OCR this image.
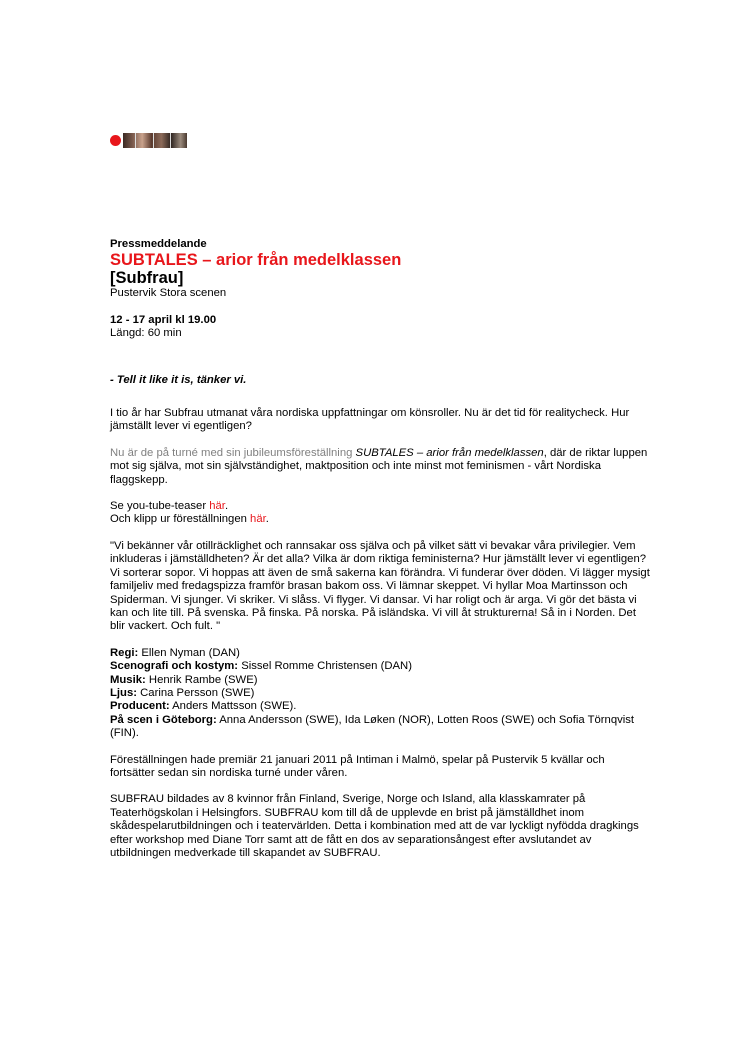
Pressmeddelande

SUBTALES – arior från medelklassen

[Subfrau]

Pustervik Stora scenen

12 - 17 april kl 19.00

Längd: 60 min

- Tell it like it is, tänker vi.

I tio år har Subfrau utmanat våra nordiska uppfattningar om könsroller. Nu är det tid för realitycheck. Hur jämställt lever vi egentligen?

Nu är de på turné med sin jubileumsföreställning SUBTALES – arior från medelklassen, där de riktar luppen mot sig själva, mot sin självständighet, maktposition och inte minst mot feminismen - vårt Nordiska flaggskepp.

Se you-tube-teaser här.

Och klipp ur föreställningen här.

"Vi bekänner vår otillräcklighet och rannsakar oss själva och på vilket sätt vi bevakar våra privilegier. Vem inkluderas i jämställdheten? Är det alla? Vilka är dom riktiga feministerna? Hur jämställt lever vi egentligen? Vi sorterar sopor. Vi hoppas att även de små sakerna kan förändra. Vi funderar över döden. Vi lägger mysigt familjeliv med fredagspizza framför brasan bakom oss. Vi lämnar skeppet. Vi hyllar Moa Martinsson och Spiderman. Vi sjunger. Vi skriker. Vi slåss. Vi flyger. Vi dansar. Vi har roligt och är arga. Vi gör det bästa vi kan och lite till. På svenska. På finska. På norska. På isländska. Vi vill åt strukturerna! Så in i Norden. Det blir vackert. Och fult. "

Regi: Ellen Nyman (DAN)

Scenografi och kostym: Sissel Romme Christensen (DAN)

Musik: Henrik Rambe (SWE)

Ljus: Carina Persson (SWE)

Producent: Anders Mattsson (SWE).

På scen i Göteborg: Anna Andersson (SWE), Ida Løken (NOR), Lotten Roos (SWE) och Sofia Törnqvist (FIN).

Föreställningen hade premiär 21 januari 2011 på Intiman i Malmö, spelar på Pustervik 5 kvällar och fortsätter sedan sin nordiska turné under våren.

SUBFRAU bildades av 8 kvinnor från Finland, Sverige, Norge och Island, alla klasskamrater på Teaterhögskolan i Helsingfors. SUBFRAU kom till då de upplevde en brist på jämställdhet inom skådespelarutbildningen och i teatervärlden. Detta i kombination med att de var lyckligt nyfödda dragkings efter workshop med Diane Torr samt att de fått en dos av separationsångest efter avslutandet av utbildningen medverkade till skapandet av SUBFRAU.
